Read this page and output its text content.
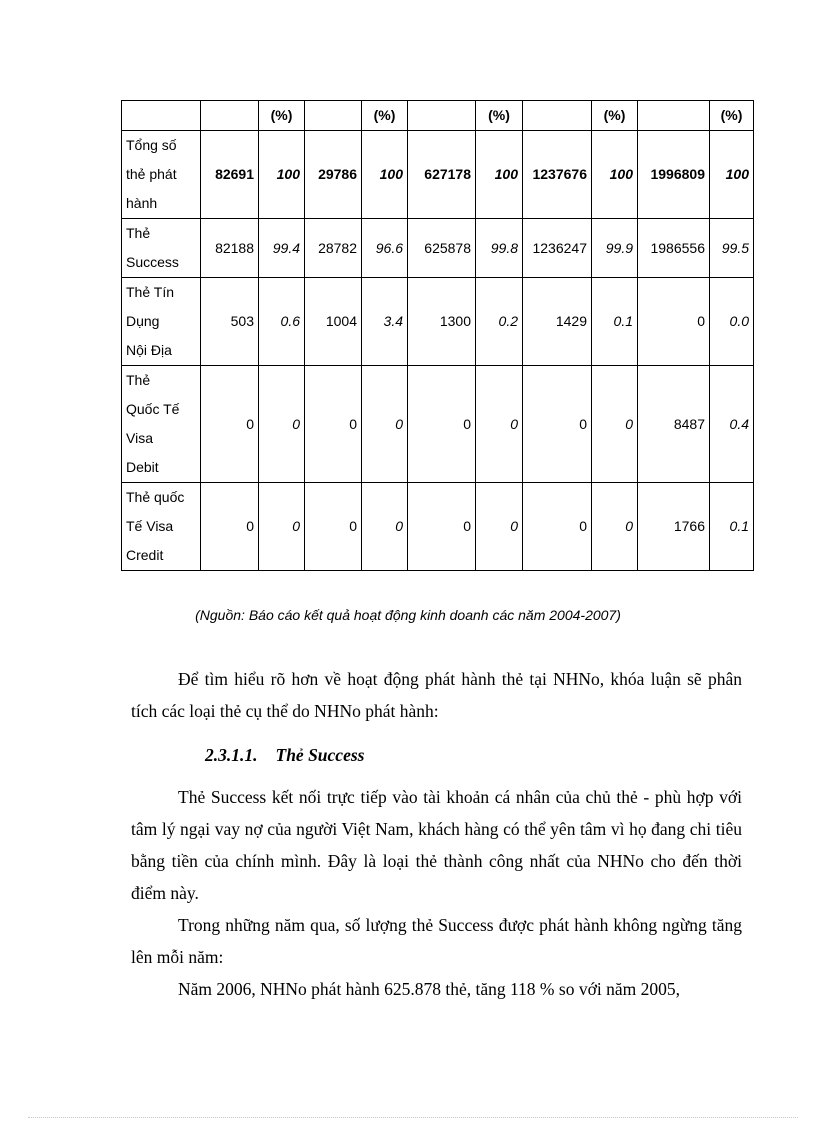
		(%)		(%)		(%)		(%)		(%)

Tổng số
thẻ phát
hành	82691	100	29786	100	627178	100	1237676	100	1996809	100

Thẻ
Success	82188	99.4	28782	96.6	625878	99.8	1236247	99.9	1986556	99.5

Thẻ Tín
Dụng
Nội Địa	503	0.6	1004	3.4	1300	0.2	1429	0.1	0	0.0

Thẻ
Quốc Tế
Visa
Debit	0	0	0	0	0	0	0	0	8487	0.4

Thẻ quốc
Tế Visa
Credit	0	0	0	0	0	0	0	0	1766	0.1
(Nguồn: Báo cáo kết quả hoạt động kinh doanh các năm 2004-2007)

Để tìm hiểu rõ hơn về hoạt động phát hành thẻ tại NHNo, khóa luận sẽ phân tích các loại thẻ cụ thể do NHNo phát hành:

2.3.1.1. Thẻ Success

Thẻ Success kết nối trực tiếp vào tài khoản cá nhân của chủ thẻ - phù hợp với tâm lý ngại vay nợ của người Việt Nam, khách hàng có thể yên tâm vì họ đang chi tiêu bằng tiền của chính mình. Đây là loại thẻ thành công nhất của NHNo cho đến thời điểm này.

Trong những năm qua, số lượng thẻ Success được phát hành không ngừng tăng lên mỗi năm:

Năm 2006, NHNo phát hành 625.878 thẻ, tăng 118 % so với năm 2005,
